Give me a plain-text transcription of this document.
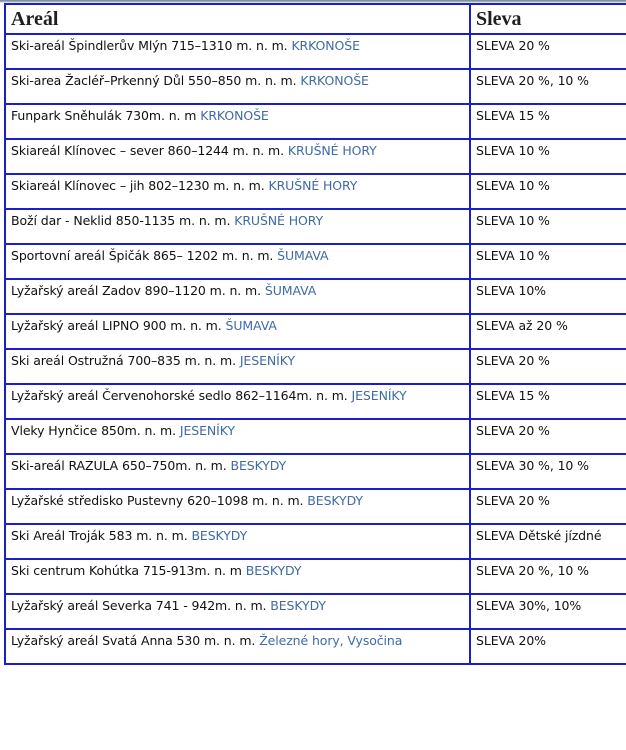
Areál	Sleva
Ski-areál Špindlerův Mlýn 715–1310 m. n. m. KRKONOŠE	SLEVA 20 %
Ski-area Žacléř–Prkenný Důl 550–850 m. n. m. KRKONOŠE	SLEVA 20 %, 10 %
Funpark Sněhulák 730m. n. m KRKONOŠE	SLEVA 15 %
Skiareál Klínovec – sever 860–1244 m. n. m. KRUŠNÉ HORY	SLEVA 10 %
Skiareál Klínovec – jih 802–1230 m. n. m. KRUŠNÉ HORY	SLEVA 10 %
Boží dar - Neklid 850-1135 m. n. m. KRUŠNÉ HORY	SLEVA 10 %
Sportovní areál Špičák 865– 1202 m. n. m. ŠUMAVA	SLEVA 10 %
Lyžařský areál Zadov 890–1120 m. n. m. ŠUMAVA	SLEVA 10%
Lyžařský areál LIPNO 900 m. n. m. ŠUMAVA	SLEVA až 20 %
Ski areál Ostružná 700–835 m. n. m. JESENÍKY	SLEVA 20 %
Lyžařský areál Červenohorské sedlo 862–1164m. n. m. JESENÍKY	SLEVA 15 %
Vleky Hynčice 850m. n. m. JESENÍKY	SLEVA 20 %
Ski-areál RAZULA 650–750m. n. m. BESKYDY	SLEVA 30 %, 10 %
Lyžařské středisko Pustevny 620–1098 m. n. m. BESKYDY	SLEVA 20 %
Ski Areál Troják 583 m. n. m. BESKYDY	SLEVA Dětské jízdné
Ski centrum Kohútka 715-913m. n. m BESKYDY	SLEVA 20 %, 10 %
Lyžařský areál Severka 741 - 942m. n. m. BESKYDY	SLEVA 30%, 10%
Lyžařský areál Svatá Anna 530 m. n. m. Železné hory, Vysočina	SLEVA 20%
